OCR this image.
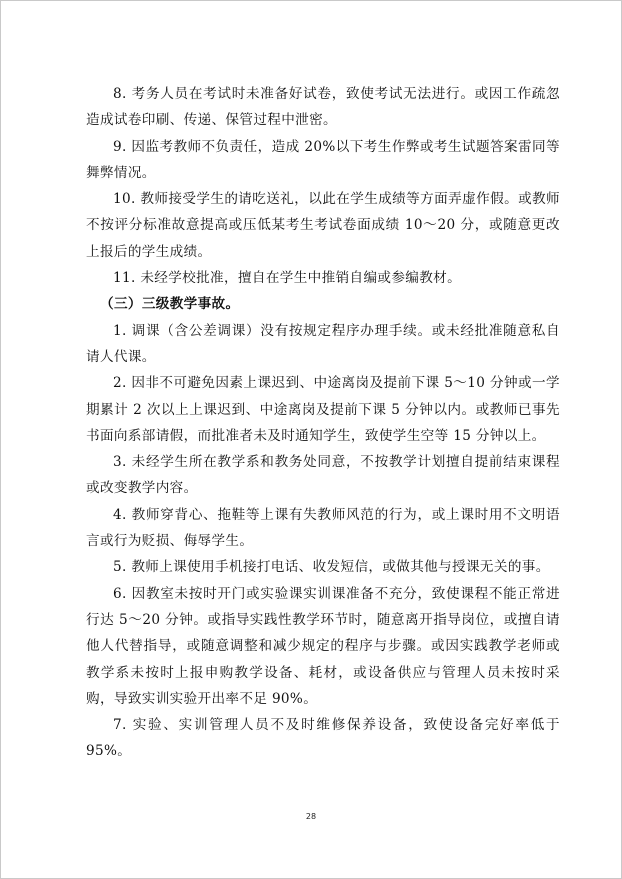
8. 考务人员在考试时未准备好试卷，致使考试无法进行。或因工作疏忽造成试卷印刷、传递、保管过程中泄密。

9. 因监考教师不负责任，造成 20%以下考生作弊或考生试题答案雷同等舞弊情况。

10. 教师接受学生的请吃送礼，以此在学生成绩等方面弄虚作假。或教师不按评分标准故意提高或压低某考生考试卷面成绩 10～20 分，或随意更改上报后的学生成绩。

11. 未经学校批准，擅自在学生中推销自编或参编教材。

（三）三级教学事故。

1. 调课（含公差调课）没有按规定程序办理手续。或未经批准随意私自请人代课。

2. 因非不可避免因素上课迟到、中途离岗及提前下课 5～10 分钟或一学期累计 2 次以上上课迟到、中途离岗及提前下课 5 分钟以内。或教师已事先书面向系部请假，而批准者未及时通知学生，致使学生空等 15 分钟以上。

3. 未经学生所在教学系和教务处同意，不按教学计划擅自提前结束课程或改变教学内容。

4. 教师穿背心、拖鞋等上课有失教师风范的行为，或上课时用不文明语言或行为贬损、侮辱学生。

5. 教师上课使用手机接打电话、收发短信，或做其他与授课无关的事。

6. 因教室未按时开门或实验课实训课准备不充分，致使课程不能正常进行达 5～20 分钟。或指导实践性教学环节时，随意离开指导岗位，或擅自请他人代替指导，或随意调整和减少规定的程序与步骤。或因实践教学老师或教学系未按时上报申购教学设备、耗材，或设备供应与管理人员未按时采购，导致实训实验开出率不足 90%。

7. 实验、实训管理人员不及时维修保养设备，致使设备完好率低于 95%。

28
